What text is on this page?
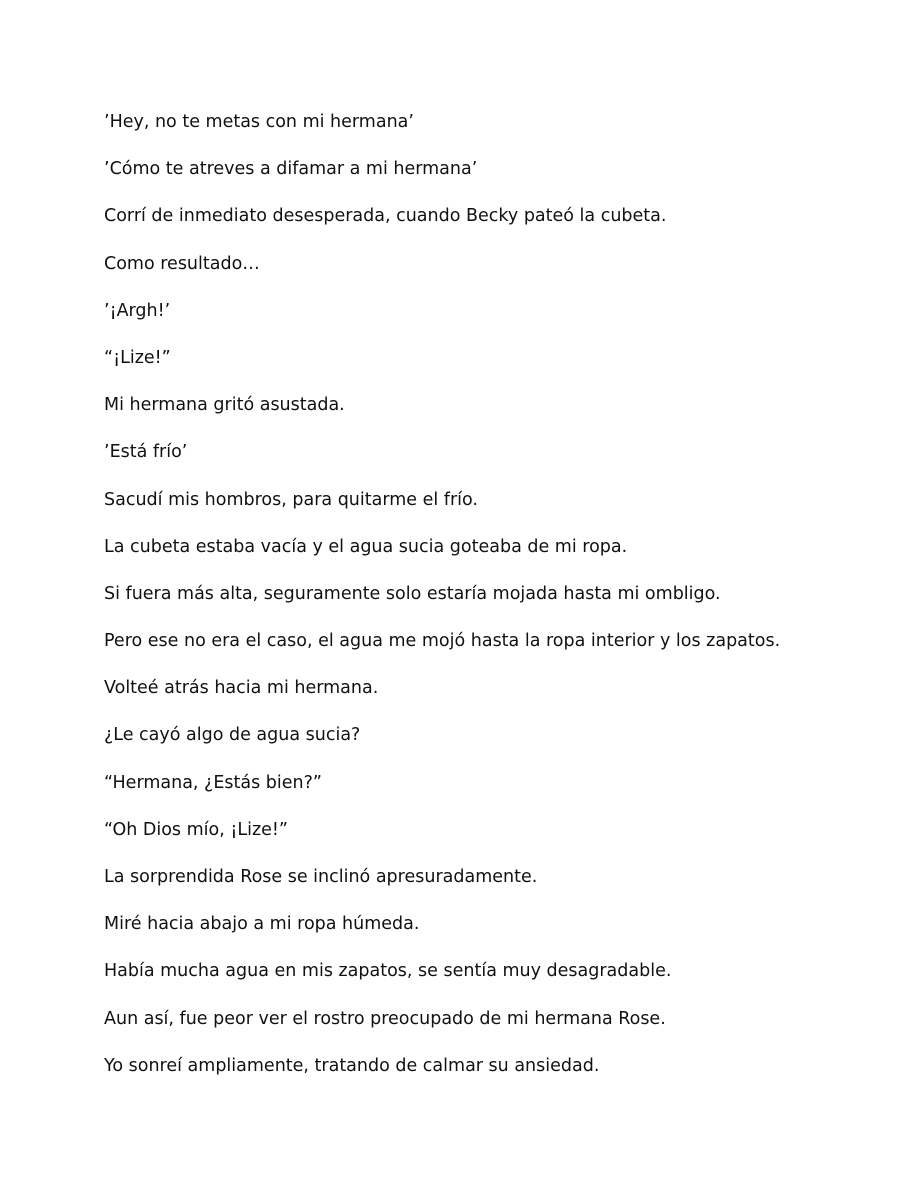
’Hey, no te metas con mi hermana’

’Cómo te atreves a difamar a mi hermana’

Corrí de inmediato desesperada, cuando Becky pateó la cubeta.

Como resultado…

’¡Argh!’

“¡Lize!”

Mi hermana gritó asustada.

’Está frío’

Sacudí mis hombros, para quitarme el frío.

La cubeta estaba vacía y el agua sucia goteaba de mi ropa.

Si fuera más alta, seguramente solo estaría mojada hasta mi ombligo.

Pero ese no era el caso, el agua me mojó hasta la ropa interior y los zapatos.

Volteé atrás hacia mi hermana.

¿Le cayó algo de agua sucia?

“Hermana, ¿Estás bien?”

“Oh Dios mío, ¡Lize!”

La sorprendida Rose se inclinó apresuradamente.

Miré hacia abajo a mi ropa húmeda.

Había mucha agua en mis zapatos, se sentía muy desagradable.

Aun así, fue peor ver el rostro preocupado de mi hermana Rose.

Yo sonreí ampliamente, tratando de calmar su ansiedad.
